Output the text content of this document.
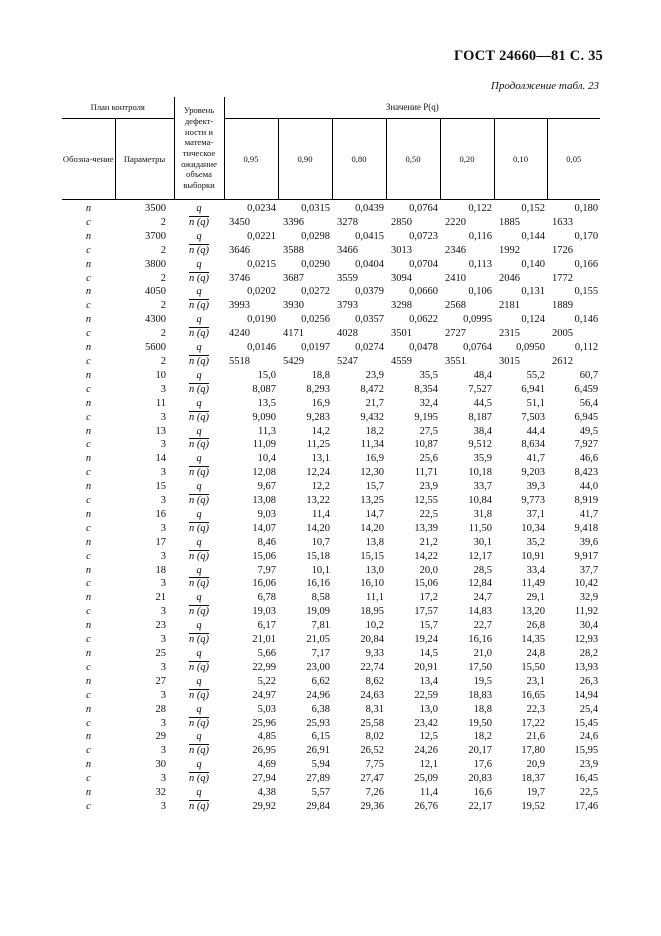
ГОСТ 24660—81 С. 35
Продолжение табл. 23
План контроля		Уровень дефект-ности и матема-тическое ожидание объема выборки	Значение P(q)						
Обозна-чение	Параметры		0,95	0,90	0,80	0,50	0,20	0,10	0,05
n	3500	q	0,0234	0,0315	0,0439	0,0764	0,122	0,152	0,180
c	2	n (q)	3450	3396	3278	2850	2220	1885	1633
n	3700	q	0,0221	0,0298	0,0415	0,0723	0,116	0,144	0,170
c	2	n (q)	3646	3588	3466	3013	2346	1992	1726
n	3800	q	0,0215	0,0290	0,0404	0,0704	0,113	0,140	0,166
c	2	n (q)	3746	3687	3559	3094	2410	2046	1772
n	4050	q	0,0202	0,0272	0,0379	0,0660	0,106	0,131	0,155
c	2	n (q)	3993	3930	3793	3298	2568	2181	1889
n	4300	q	0,0190	0,0256	0,0357	0,0622	0,0995	0,124	0,146
c	2	n (q)	4240	4171	4028	3501	2727	2315	2005
n	5600	q	0,0146	0,0197	0,0274	0,0478	0,0764	0,0950	0,112
c	2	n (q)	5518	5429	5247	4559	3551	3015	2612
n	10	q	15,0	18,8	23,9	35,5	48,4	55,2	60,7
c	3	n (q)	8,087	8,293	8,472	8,354	7,527	6,941	6,459
n	11	q	13,5	16,9	21,7	32,4	44,5	51,1	56,4
c	3	n (q)	9,090	9,283	9,432	9,195	8,187	7,503	6,945
n	13	q	11,3	14,2	18,2	27,5	38,4	44,4	49,5
c	3	n (q)	11,09	11,25	11,34	10,87	9,512	8,634	7,927
n	14	q	10,4	13,1	16,9	25,6	35,9	41,7	46,6
c	3	n (q)	12,08	12,24	12,30	11,71	10,18	9,203	8,423
n	15	q	9,67	12,2	15,7	23,9	33,7	39,3	44,0
c	3	n (q)	13,08	13,22	13,25	12,55	10,84	9,773	8,919
n	16	q	9,03	11,4	14,7	22,5	31,8	37,1	41,7
c	3	n (q)	14,07	14,20	14,20	13,39	11,50	10,34	9,418
n	17	q	8,46	10,7	13,8	21,2	30,1	35,2	39,6
c	3	n (q)	15,06	15,18	15,15	14,22	12,17	10,91	9,917
n	18	q	7,97	10,1	13,0	20,0	28,5	33,4	37,7
c	3	n (q)	16,06	16,16	16,10	15,06	12,84	11,49	10,42
n	21	q	6,78	8,58	11,1	17,2	24,7	29,1	32,9
c	3	n (q)	19,03	19,09	18,95	17,57	14,83	13,20	11,92
n	23	q	6,17	7,81	10,2	15,7	22,7	26,8	30,4
c	3	n (q)	21,01	21,05	20,84	19,24	16,16	14,35	12,93
n	25	q	5,66	7,17	9,33	14,5	21,0	24,8	28,2
c	3	n (q)	22,99	23,00	22,74	20,91	17,50	15,50	13,93
n	27	q	5,22	6,62	8,62	13,4	19,5	23,1	26,3
c	3	n (q)	24,97	24,96	24,63	22,59	18,83	16,65	14,94
n	28	q	5,03	6,38	8,31	13,0	18,8	22,3	25,4
c	3	n (q)	25,96	25,93	25,58	23,42	19,50	17,22	15,45
n	29	q	4,85	6,15	8,02	12,5	18,2	21,6	24,6
c	3	n (q)	26,95	26,91	26,52	24,26	20,17	17,80	15,95
n	30	q	4,69	5,94	7,75	12,1	17,6	20,9	23,9
c	3	n (q)	27,94	27,89	27,47	25,09	20,83	18,37	16,45
n	32	q	4,38	5,57	7,26	11,4	16,6	19,7	22,5
c	3	n (q)	29,92	29,84	29,36	26,76	22,17	19,52	17,46
